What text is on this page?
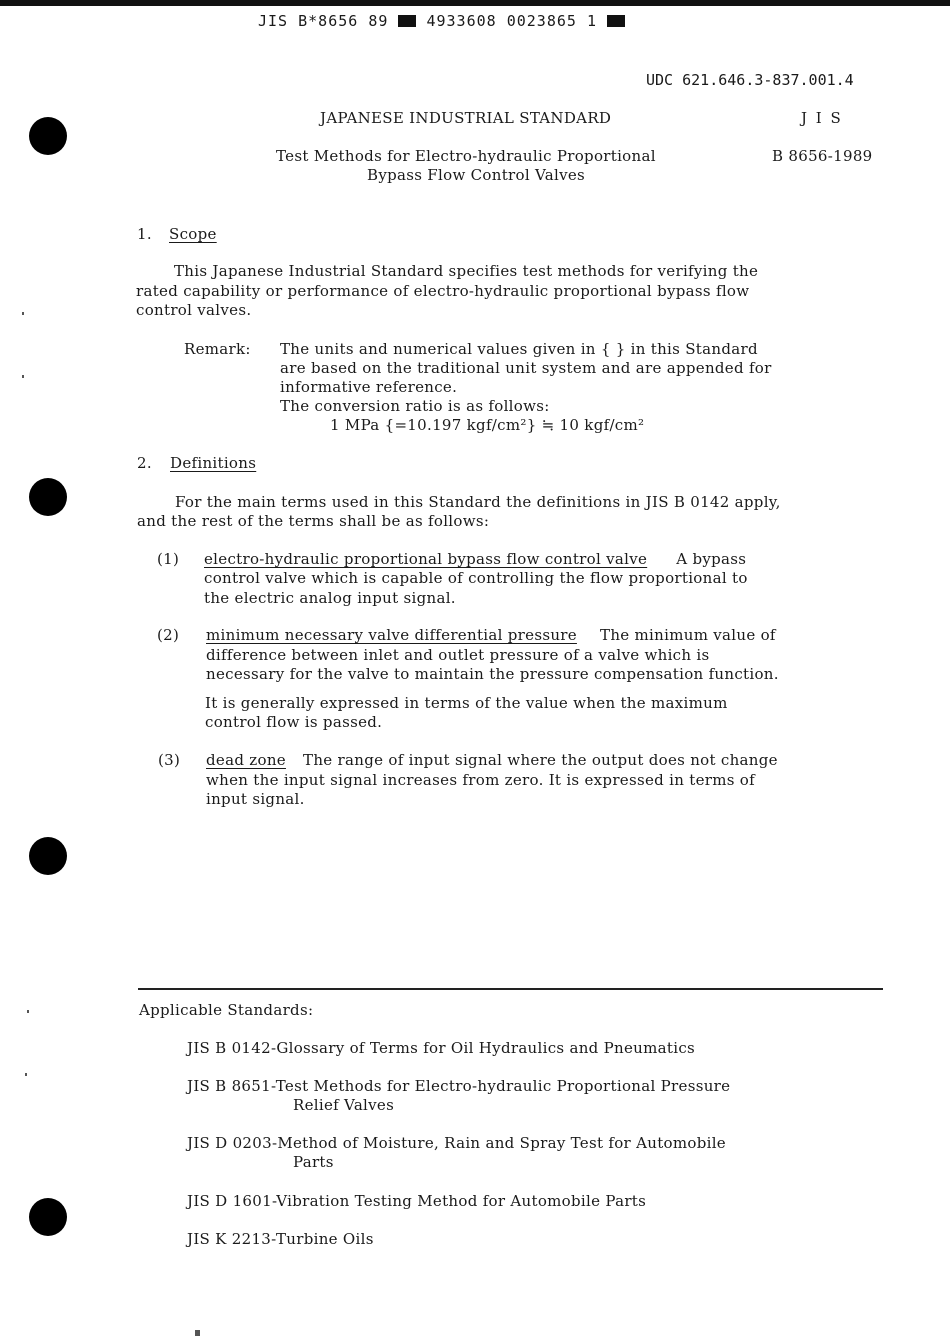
JIS B*8656 89	4933608 0023865 1
UDC 621.646.3-837.001.4
JAPANESE INDUSTRIAL STANDARD	J I S
Test Methods for Electro-hydraulic Proportional
Bypass Flow Control Valves
B 8656-1989
1. Scope
This Japanese Industrial Standard specifies test methods for verifying the
rated capability or performance of electro-hydraulic proportional bypass flow
control valves.
Remark: The units and numerical values given in { } in this Standard
are based on the traditional unit system and are appended for
informative reference.
The conversion ratio is as follows:
1 MPa {=10.197 kgf/cm²} ≒ 10 kgf/cm²
2. Definitions
For the main terms used in this Standard the definitions in JIS B 0142 apply,
and the rest of the terms shall be as follows:
(1) electro-hydraulic proportional bypass flow control valve A bypass
control valve which is capable of controlling the flow proportional to
the electric analog input signal.
(2) minimum necessary valve differential pressure The minimum value of
difference between inlet and outlet pressure of a valve which is
necessary for the valve to maintain the pressure compensation function.
It is generally expressed in terms of the value when the maximum
control flow is passed.
(3) dead zone The range of input signal where the output does not change
when the input signal increases from zero. It is expressed in terms of
input signal.
Applicable Standards:
JIS B 0142-Glossary of Terms for Oil Hydraulics and Pneumatics
JIS B 8651-Test Methods for Electro-hydraulic Proportional Pressure
Relief Valves
JIS D 0203-Method of Moisture, Rain and Spray Test for Automobile
Parts
JIS D 1601-Vibration Testing Method for Automobile Parts
JIS K 2213-Turbine Oils
